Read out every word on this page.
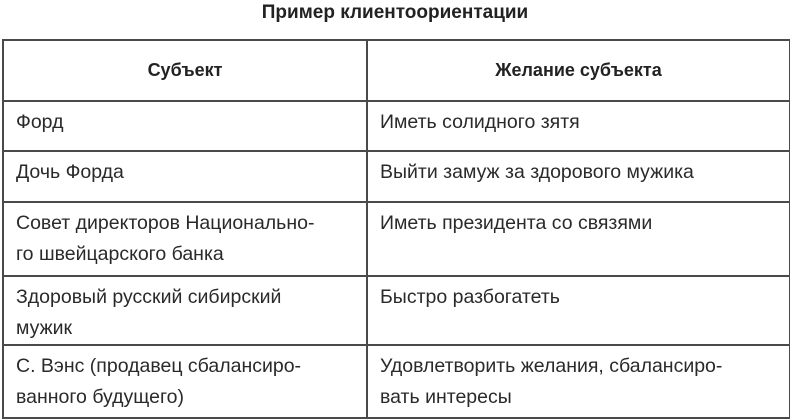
Пример клиентоориентации
Субъект	Желание субъекта
Форд	Иметь солидного зятя
Дочь Форда	Выйти замуж за здорового мужика
Совет директоров Национально-
го швейцарского банка	Иметь президента со связями
Здоровый русский сибирский
мужик	Быстро разбогатеть
С. Вэнс (продавец сбалансиро-
ванного будущего)	Удовлетворить желания, сбалансиро-
вать интересы
